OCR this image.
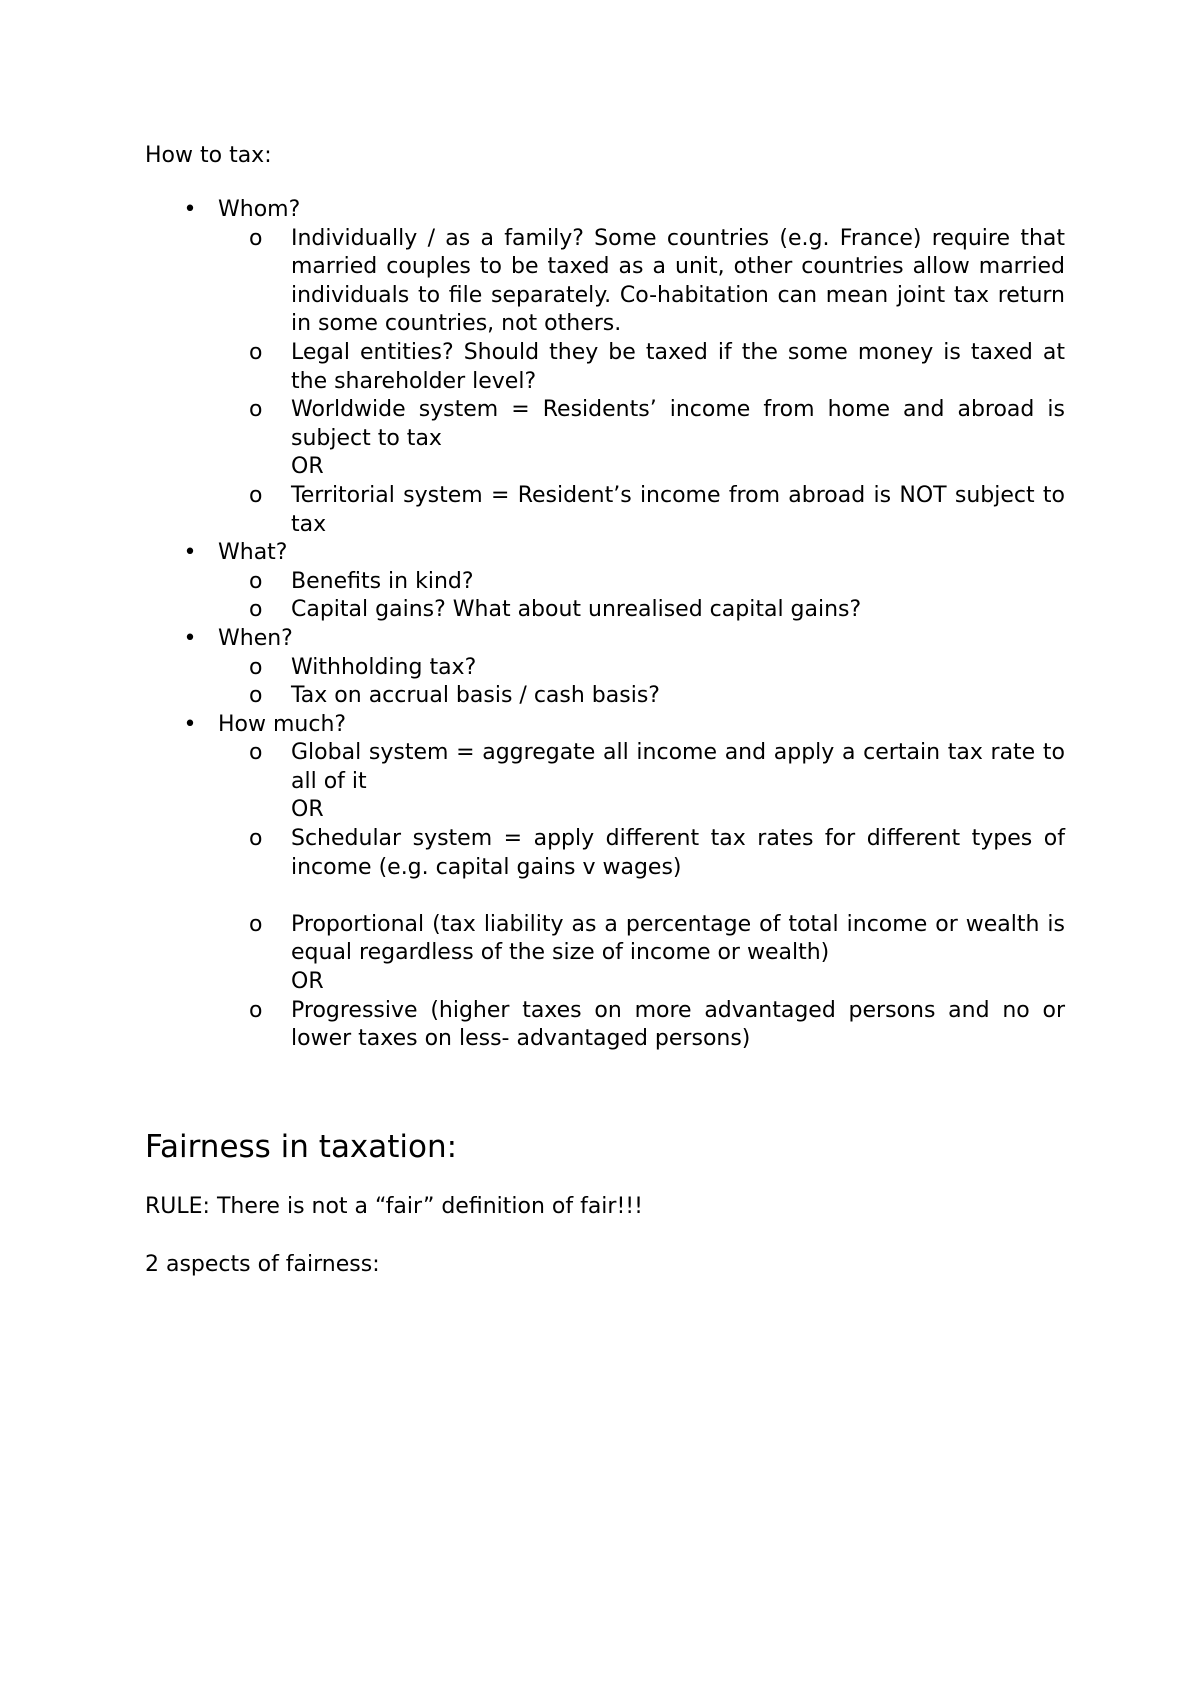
How to tax:

• Whom?
o Individually / as a family? Some countries (e.g. France) require that married couples to be taxed as a unit, other countries allow married individuals to file separately. Co-habitation can mean joint tax return in some countries, not others.
o Legal entities? Should they be taxed if the some money is taxed at the shareholder level?
o Worldwide system = Residents’ income from home and abroad is subject to tax
OR
o Territorial system = Resident’s income from abroad is NOT subject to tax
• What?
o Benefits in kind?
o Capital gains? What about unrealised capital gains?
• When?
o Withholding tax?
o Tax on accrual basis / cash basis?
• How much?
o Global system = aggregate all income and apply a certain tax rate to all of it
OR
o Schedular system = apply different tax rates for different types of income (e.g. capital gains v wages)
o Proportional (tax liability as a percentage of total income or wealth is equal regardless of the size of income or wealth)
OR
o Progressive (higher taxes on more advantaged persons and no or lower taxes on less- advantaged persons)
Fairness in taxation:

RULE: There is not a “fair” definition of fair!!!

2 aspects of fairness:
